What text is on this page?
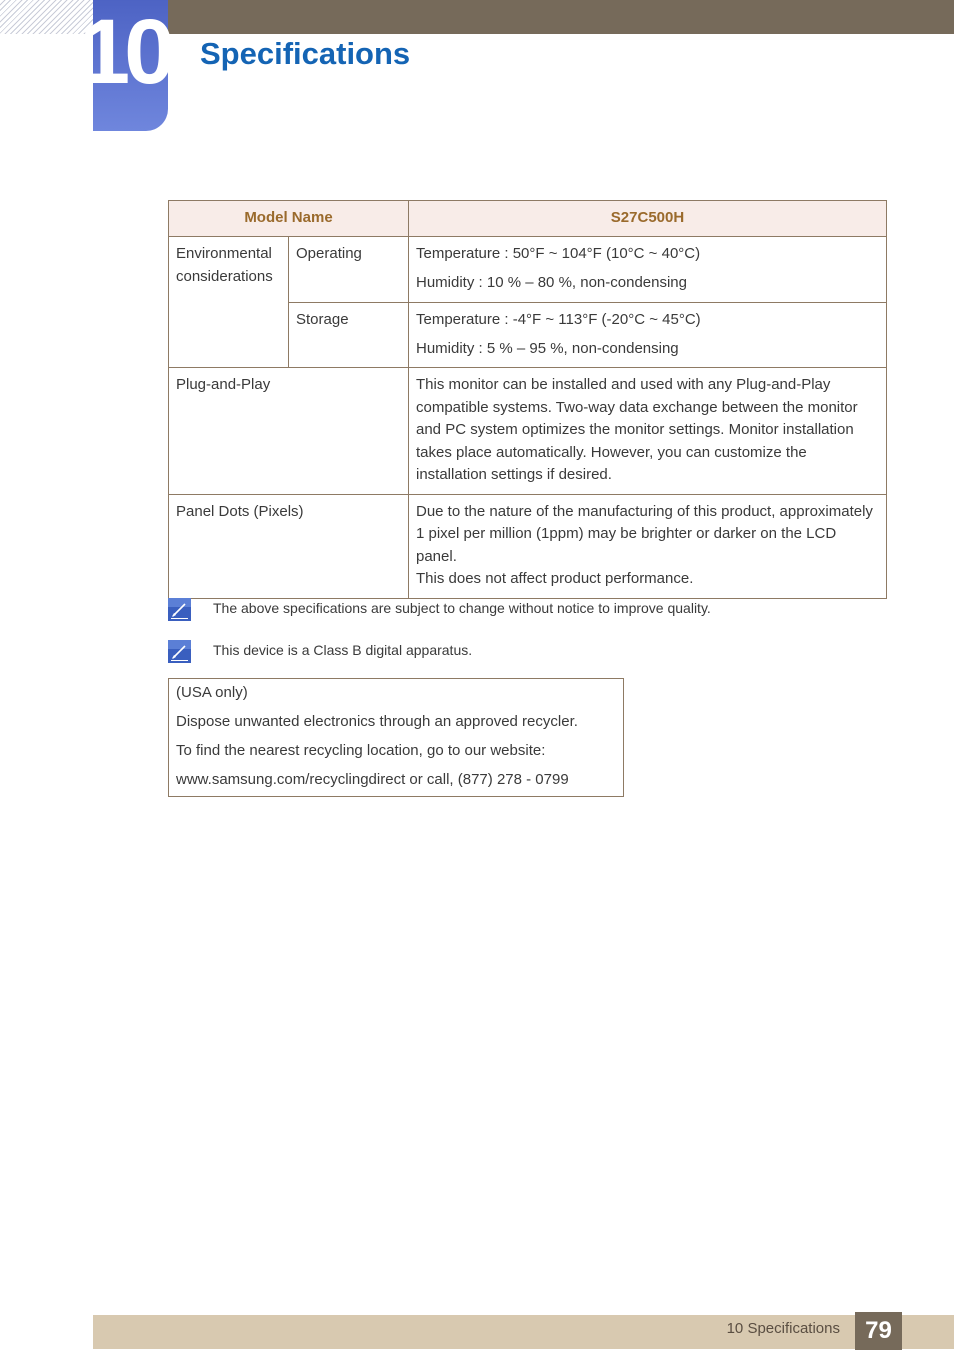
10 Specifications
Model Name		S27C500H
Environmental considerations	Operating	Temperature : 50°F ~ 104°F (10°C ~ 40°C)
Humidity : 10 % – 80 %, non-condensing

	Storage	Temperature : -4°F ~ 113°F (-20°C ~ 45°C)
Humidity : 5 % – 95 %, non-condensing

Plug-and-Play		This monitor can be installed and used with any Plug-and-Play compatible systems. Two-way data exchange between the monitor and PC system optimizes the monitor settings. Monitor installation takes place automatically. However, you can customize the installation settings if desired.
Panel Dots (Pixels)		Due to the nature of the manufacturing of this product, approximately 1 pixel per million (1ppm) may be brighter or darker on the LCD panel.
This does not affect product performance.
The above specifications are subject to change without notice to improve quality.
This device is a Class B digital apparatus.
(USA only)
Dispose unwanted electronics through an approved recycler.
To find the nearest recycling location, go to our website:
www.samsung.com/recyclingdirect or call, (877) 278 - 0799
10 Specifications	79
